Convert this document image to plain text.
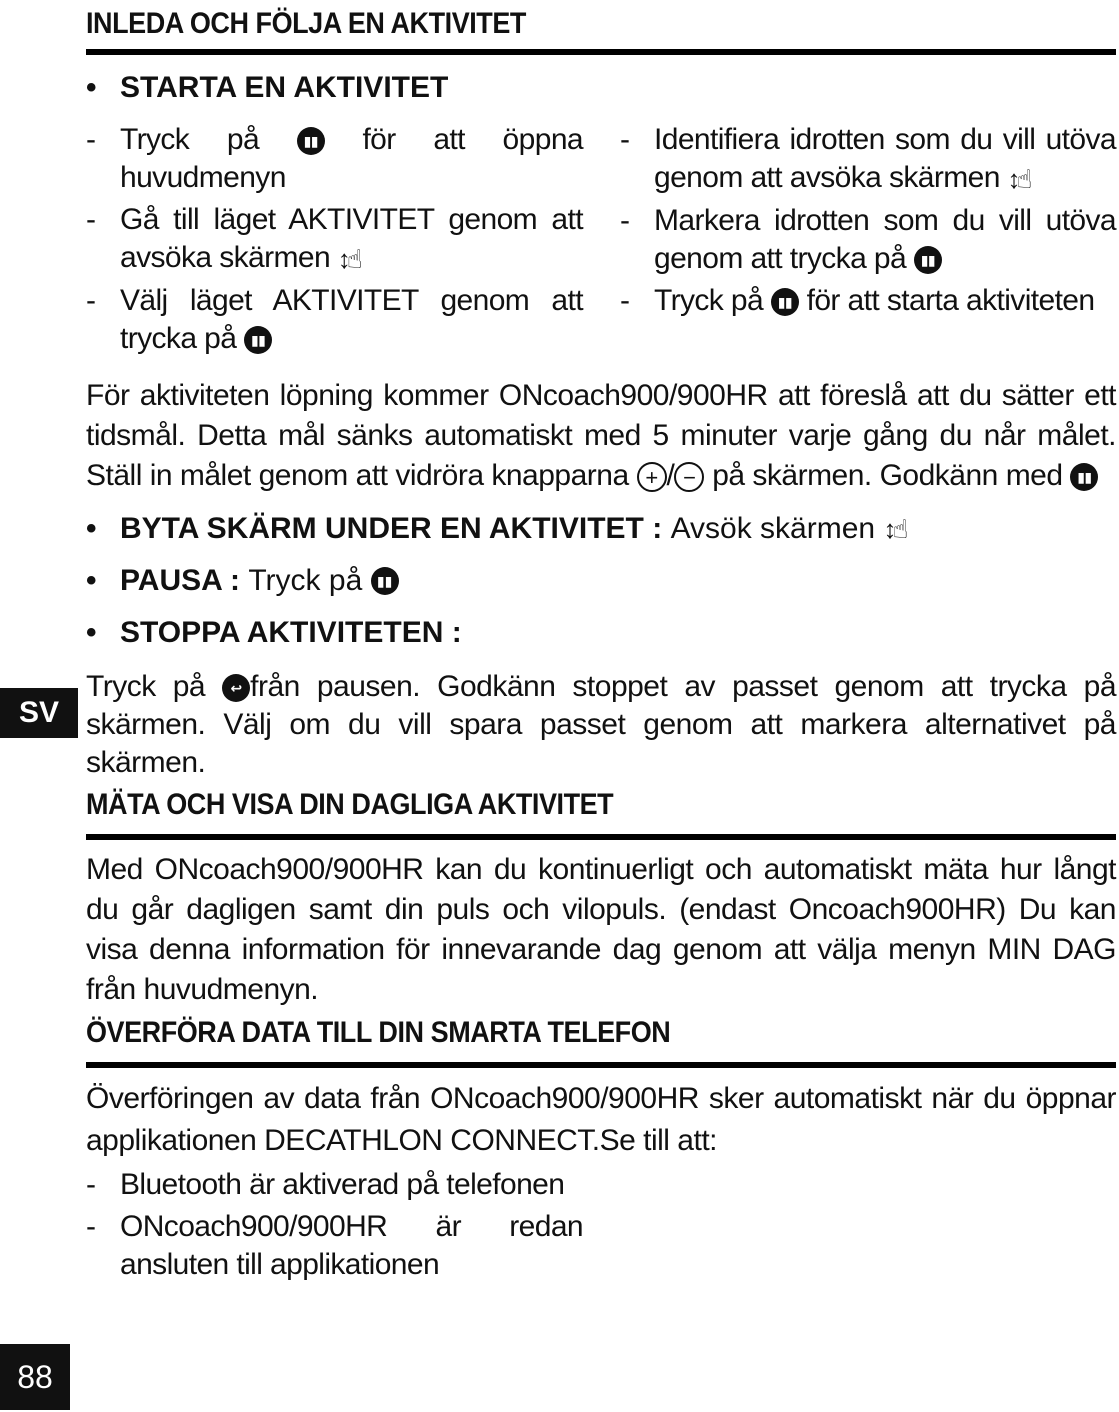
INLEDA OCH FÖLJA EN AKTIVITET
• STARTA EN AKTIVITET
- Tryck på	▮▮ för att öppna huvudmenyn
- Gå till läget AKTIVITET genom att avsöka skärmen ↕☝
- Välj läget AKTIVITET genom att trycka på ▮▮
- Identifiera idrotten som du vill utöva genom att avsöka skärmen ↕☝
- Markera idrotten som du vill utöva genom att trycka på ▮▮
- Tryck på ▮▮ för att starta aktiviteten

För aktiviteten löpning kommer ONcoach900/900HR att föreslå att du sätter ett tidsmål. Detta mål sänks automatiskt med 5 minuter varje gång du når målet. Ställ in målet genom att vidröra knapparna + / − på skärmen. Godkänn med ▮▮

• BYTA SKÄRM UNDER EN AKTIVITET :
Avsök skärmen
↕☝
• PAUSA :
Tryck på
	▮▮
• STOPPA AKTIVITETEN :

Tryck på ↩ från pausen. Godkänn stoppet av passet genom att trycka på skärmen. Välj om du vill spara passet genom att markera alternativet på skärmen.

MÄTA OCH VISA DIN DAGLIGA AKTIVITET

Med ONcoach900/900HR kan du kontinuerligt och automatiskt mäta hur långt du går dagligen samt din puls och vilopuls. (endast Oncoach900HR) Du kan visa denna information för innevarande dag genom att välja menyn MIN DAG från huvudmenyn.

ÖVERFÖRA DATA TILL DIN SMARTA TELEFON

Överföringen av data från ONcoach900/900HR sker automatiskt när du öppnar applikationen DECATHLON CONNECT.Se till att:

- Bluetooth är aktiverad på telefonen
- ONcoach900/900HR är redan ansluten till applikationen
SV
88
